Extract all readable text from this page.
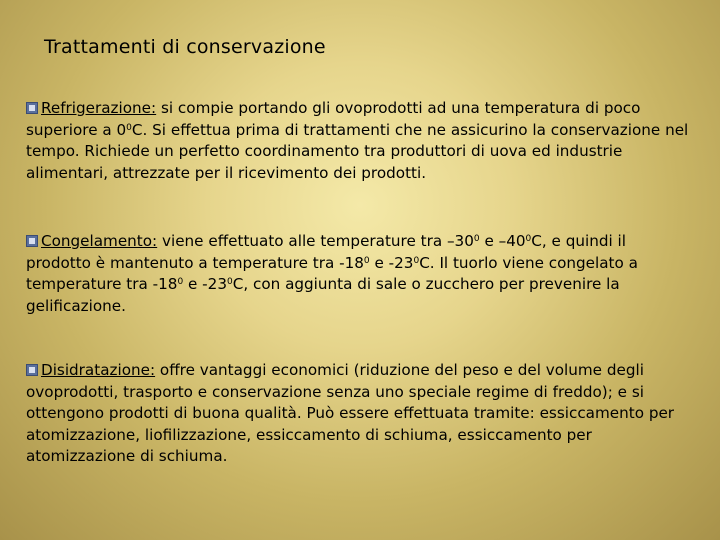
Trattamenti di conservazione
Refrigerazione: si compie portando gli ovoprodotti ad una temperatura di poco superiore a $0^0C$. Si effettua prima di trattamenti che ne assicurino la conservazione nel tempo. Richiede un perfetto coordinamento tra produttori di uova ed industrie alimentari, attrezzate per il ricevimento dei prodotti.
Congelamento: viene effettuato alle temperature tra $-30^0$ e $-40^0C$, e quindi il prodotto è mantenuto a temperature tra $-18^0$ e $-23^0C$. Il tuorlo viene congelato a temperature tra $-18^0$ e $-23^0C$, con aggiunta di sale o zucchero per prevenire la gelificazione.
Disidratazione: offre vantaggi economici (riduzione del peso e del volume degli ovoprodotti, trasporto e conservazione senza uno speciale regime di freddo); e si ottengono prodotti di buona qualità. Può essere effettuata tramite: essiccamento per atomizzazione, liofilizzazione, essiccamento di schiuma, essiccamento per atomizzazione di schiuma.
